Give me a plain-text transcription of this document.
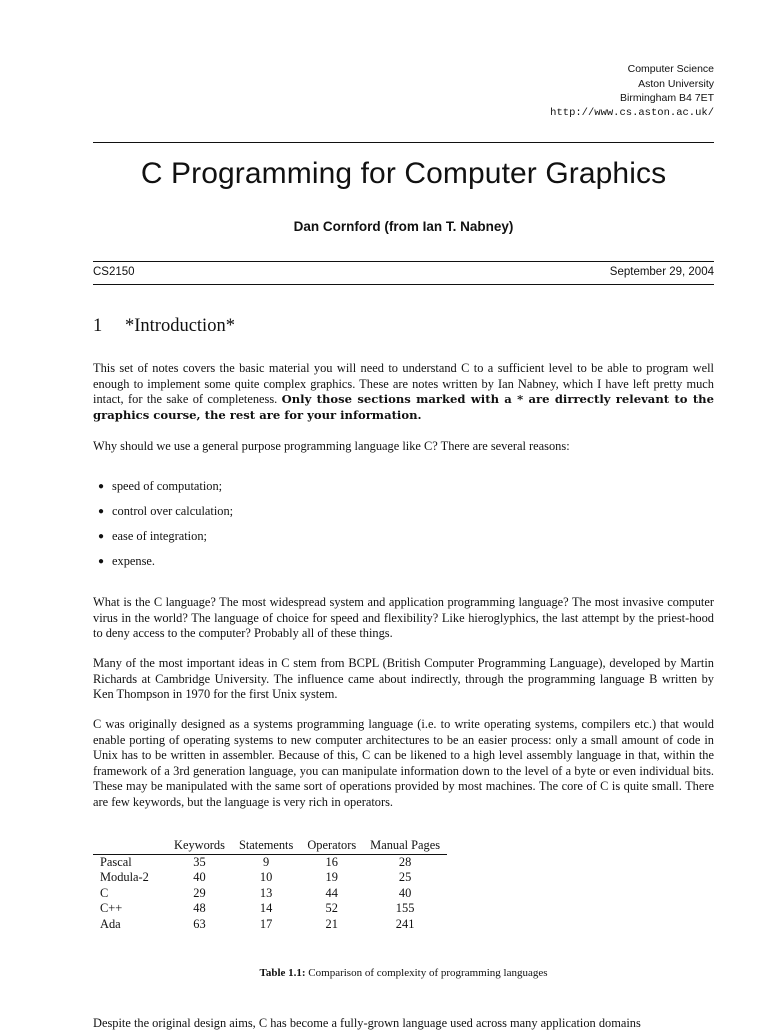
Computer Science
Aston University
Birmingham B4 7ET
http://www.cs.aston.ac.uk/
C Programming for Computer Graphics
Dan Cornford (from Ian T. Nabney)
CS2150	September 29, 2004
1 *Introduction*

This set of notes covers the basic material you will need to understand C to a sufficient level to be able to program well enough to implement some quite complex graphics. These are notes written by Ian Nabney, which I have left pretty much intact, for the sake of completeness. Only those sections marked with a * are dirrectly relevant to the graphics course, the rest are for your information.

Why should we use a general purpose programming language like C? There are several reasons:

● speed of computation;
● control over calculation;
● ease of integration;
● expense.

What is the C language? The most widespread system and application programming language? The most invasive computer virus in the world? The language of choice for speed and flexibility? Like hieroglyphics, the last attempt by the priest-hood to deny access to the computer? Probably all of these things.

Many of the most important ideas in C stem from BCPL (British Computer Programming Language), developed by Martin Richards at Cambridge University. The influence came about indirectly, through the programming language B written by Ken Thompson in 1970 for the first Unix system.

C was originally designed as a systems programming language (i.e. to write operating systems, compilers etc.) that would enable porting of operating systems to new computer architectures to be an easier process: only a small amount of code in Unix has to be written in assembler. Because of this, C can be likened to a high level assembly language in that, within the framework of a 3rd generation language, you can manipulate information down to the level of a byte or even individual bits. These may be manipulated with the same sort of operations provided by most machines. The core of C is quite small. There are few keywords, but the language is very rich in operators.

	Keywords	Statements	Operators	Manual Pages
Pascal	35	9	16	28
Modula-2	40	10	19	25
C	29	13	44	40
C++	48	14	52	155
Ada	63	17	21	241
Table 1.1: Comparison of complexity of programming languages

Despite the original design aims, C has become a fully-grown language used across many application domains
